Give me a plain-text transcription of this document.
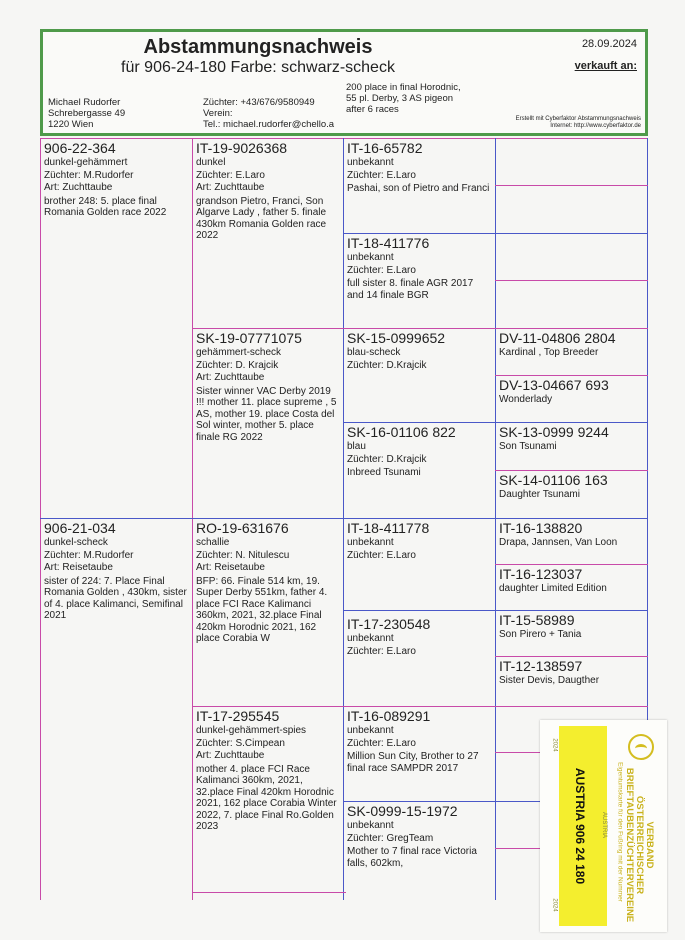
Abstammungsnachweis
für 906-24-180 Farbe: schwarz-scheck
28.09.2024
verkauft an:
Michael Rudorfer
Schrebergasse 49
1220 Wien
Züchter: +43/676/9580949
Verein:
Tel.: michael.rudorfer@chello.a
200 place in final Horodnic,
55 pl. Derby, 3 AS pigeon
after 6 races
Erstellt mit Cyberfaktor Abstammungsnachweis
Internet: http://www.cyberfaktor.de
906-22-364
dunkel-gehämmert
Züchter: M.Rudorfer
Art: Zuchttaube
brother 248: 5. place final Romania Golden race 2022
906-21-034
dunkel-scheck
Züchter: M.Rudorfer
Art: Reisetaube
sister of 224: 7. Place Final Romania Golden , 430km, sister of 4. place Kalimanci, Semifinal 2021
IT-19-9026368
dunkel
Züchter: E.Laro
Art: Zuchttaube
grandson Pietro, Franci, Son Algarve Lady , father 5. finale 430km Romania Golden race 2022
SK-19-07771075
gehämmert-scheck
Züchter: D. Krajcik
Art: Zuchttaube
Sister winner VAC Derby 2019 !!! mother 11. place supreme , 5 AS, mother 19. place Costa del Sol winter, mother 5. place finale RG 2022
RO-19-631676
schallie
Züchter: N. Nitulescu
Art: Reisetaube
BFP: 66. Finale 514 km, 19. Super Derby 551km, father 4. place FCI Race Kalimanci 360km, 2021, 32.place Final 420km Horodnic 2021, 162 place Corabia W
IT-17-295545
dunkel-gehämmert-spies
Züchter: S.Cimpean
Art: Zuchttaube
mother 4. place FCI Race Kalimanci 360km, 2021, 32.place Final 420km Horodnic 2021, 162 place Corabia Winter 2022, 7. place Final Ro.Golden 2023
IT-16-65782
unbekannt
Züchter: E.Laro
Pashai, son of Pietro and Franci
IT-18-411776
unbekannt
Züchter: E.Laro
full sister 8. finale AGR 2017 and 14 finale BGR
SK-15-0999652
blau-scheck
Züchter: D.Krajcik
SK-16-01106 822
blau
Züchter: D.Krajcik
Inbreed Tsunami
IT-18-411778
unbekannt
Züchter: E.Laro
IT-17-230548
unbekannt
Züchter: E.Laro
IT-16-089291
unbekannt
Züchter: E.Laro
Million Sun City, Brother to 27 final race SAMPDR 2017
SK-0999-15-1972
unbekannt
Züchter: GregTeam
Mother to 7 final race Victoria falls, 602km,
DV-11-04806 2804
Kardinal , Top Breeder
DV-13-04667 693
Wonderlady
SK-13-0999 9244
Son Tsunami
SK-14-01106 163
Daughter Tsunami
IT-16-138820
Drapa, Jannsen, Van Loon
IT-16-123037
daughter Limited Edition
IT-15-58989
Son Pirero + Tania
IT-12-138597
Sister Devis, Daugther
AUSTRIA 906 24 180
2024
2024
AUSTRIA Eigentumskarte für den Fußring mit der Nummer VERBAND
ÖSTERREICHISCHER
BRIEFTAUBENZÜCHTERVEREINE
